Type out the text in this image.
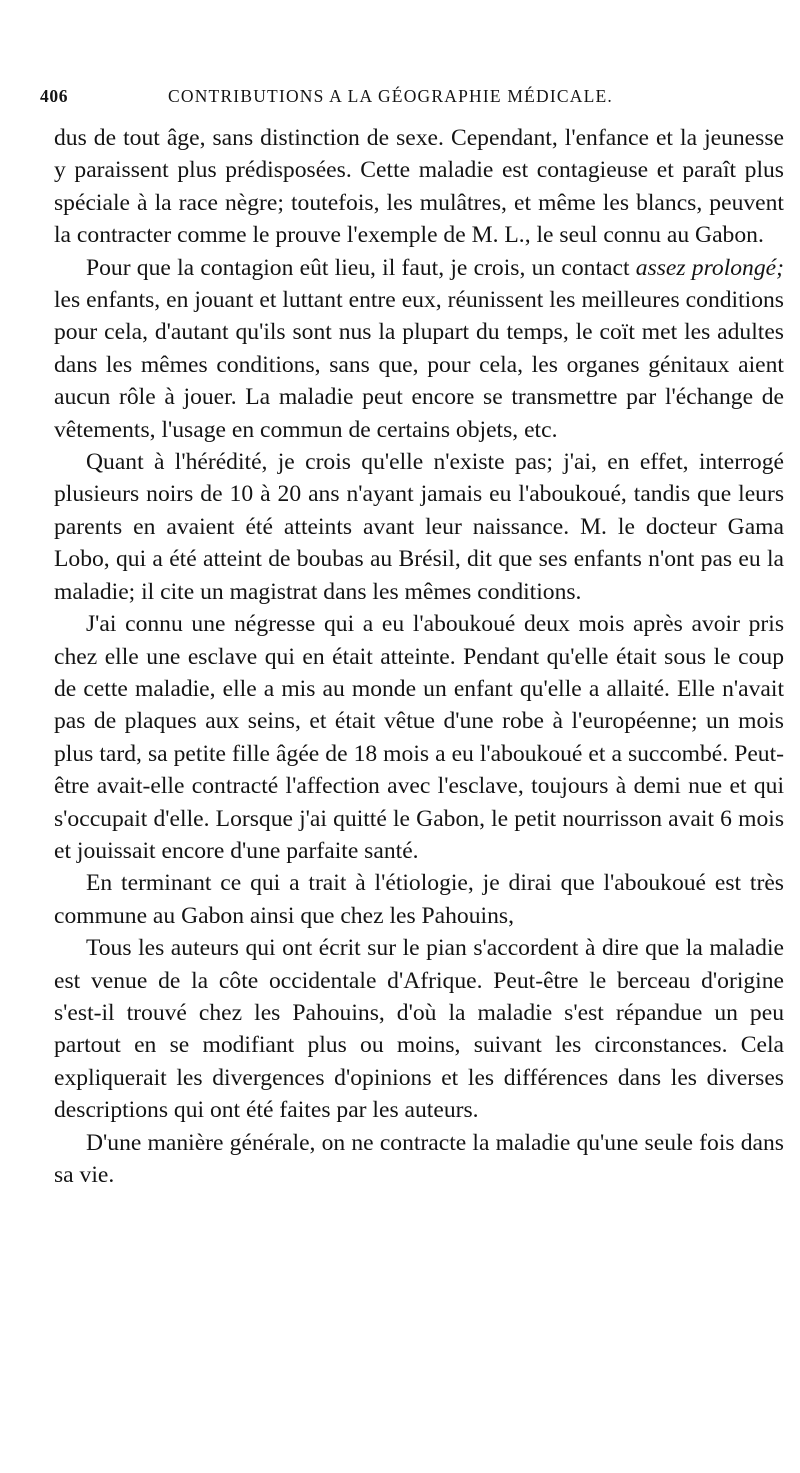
406	CONTRIBUTIONS A LA GÉOGRAPHIE MÉDICALE.

dus de tout âge, sans distinction de sexe. Cependant, l'enfance et la jeunesse y paraissent plus prédisposées. Cette maladie est contagieuse et paraît plus spéciale à la race nègre; toutefois, les mulâtres, et même les blancs, peuvent la contracter comme le prouve l'exemple de M. L., le seul connu au Gabon.

Pour que la contagion eût lieu, il faut, je crois, un contact assez prolongé; les enfants, en jouant et luttant entre eux, réunissent les meilleures conditions pour cela, d'autant qu'ils sont nus la plupart du temps, le coït met les adultes dans les mêmes conditions, sans que, pour cela, les organes génitaux aient aucun rôle à jouer. La maladie peut encore se transmettre par l'échange de vêtements, l'usage en commun de certains objets, etc.

Quant à l'hérédité, je crois qu'elle n'existe pas; j'ai, en effet, interrogé plusieurs noirs de 10 à 20 ans n'ayant jamais eu l'aboukoué, tandis que leurs parents en avaient été atteints avant leur naissance. M. le docteur Gama Lobo, qui a été atteint de boubas au Brésil, dit que ses enfants n'ont pas eu la maladie; il cite un magistrat dans les mêmes conditions.

J'ai connu une négresse qui a eu l'aboukoué deux mois après avoir pris chez elle une esclave qui en était atteinte. Pendant qu'elle était sous le coup de cette maladie, elle a mis au monde un enfant qu'elle a allaité. Elle n'avait pas de plaques aux seins, et était vêtue d'une robe à l'européenne; un mois plus tard, sa petite fille âgée de 18 mois a eu l'aboukoué et a succombé. Peut-être avait-elle contracté l'affection avec l'esclave, toujours à demi nue et qui s'occupait d'elle. Lorsque j'ai quitté le Gabon, le petit nourrisson avait 6 mois et jouissait encore d'une parfaite santé.

En terminant ce qui a trait à l'étiologie, je dirai que l'aboukoué est très commune au Gabon ainsi que chez les Pahouins,

Tous les auteurs qui ont écrit sur le pian s'accordent à dire que la maladie est venue de la côte occidentale d'Afrique. Peut-être le berceau d'origine s'est-il trouvé chez les Pahouins, d'où la maladie s'est répandue un peu partout en se modifiant plus ou moins, suivant les circonstances. Cela expliquerait les divergences d'opinions et les différences dans les diverses descriptions qui ont été faites par les auteurs.

D'une manière générale, on ne contracte la maladie qu'une seule fois dans sa vie.
